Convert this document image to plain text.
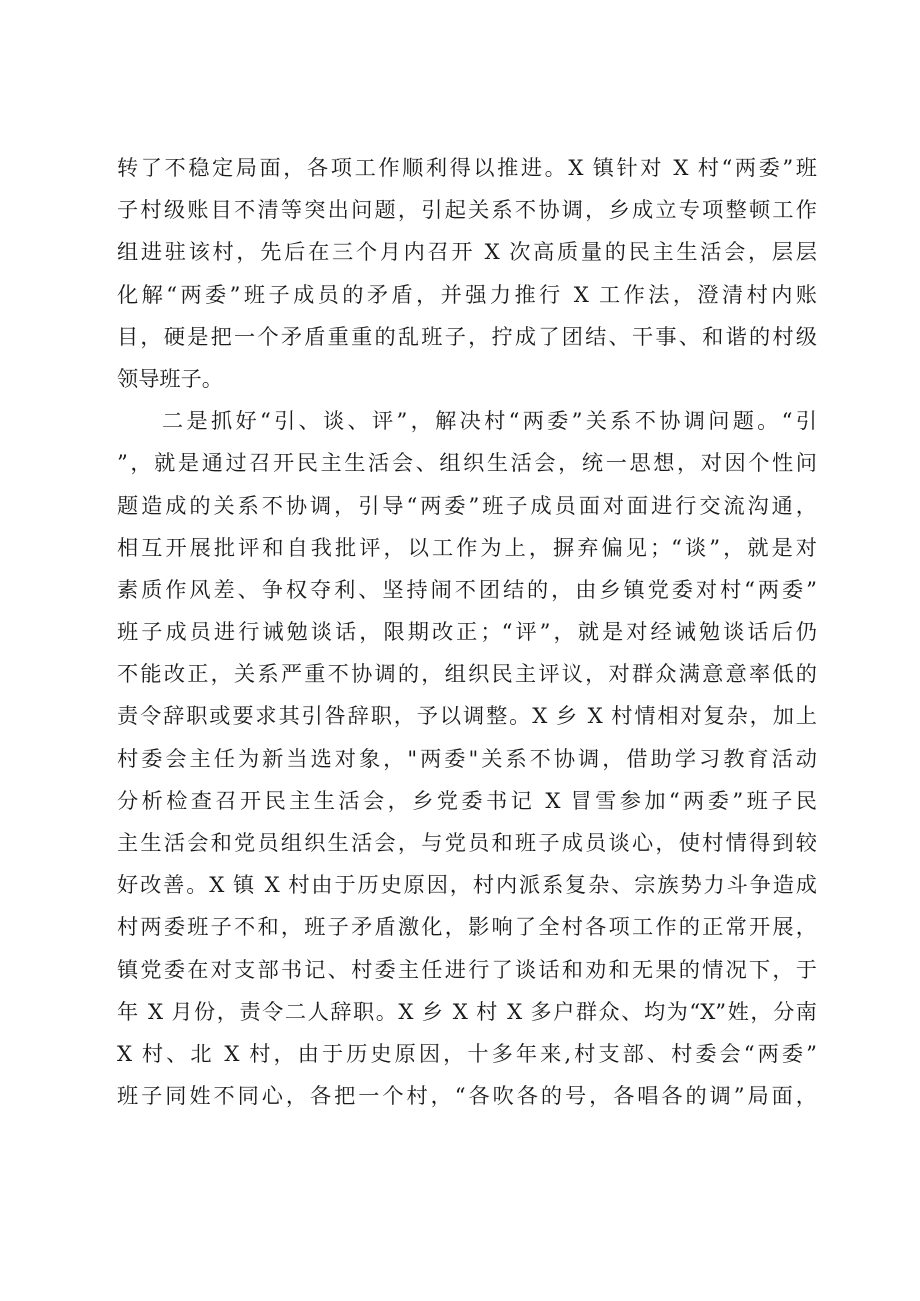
转了不稳定局面，各项工作顺利得以推进。X 镇针对 X 村“两委”班
子村级账目不清等突出问题，引起关系不协调，乡成立专项整顿工作
组进驻该村，先后在三个月内召开 X 次高质量的民主生活会，层层
化解“两委”班子成员的矛盾，并强力推行 X 工作法，澄清村内账
目，硬是把一个矛盾重重的乱班子，拧成了团结、干事、和谐的村级
领导班子。
二是抓好“引、谈、评”，解决村“两委”关系不协调问题。“引
”，就是通过召开民主生活会、组织生活会，统一思想，对因个性问
题造成的关系不协调，引导“两委”班子成员面对面进行交流沟通，
相互开展批评和自我批评，以工作为上，摒弃偏见；“谈”，就是对
素质作风差、争权夺利、坚持闹不团结的，由乡镇党委对村“两委”
班子成员进行诫勉谈话，限期改正；“评”，就是对经诫勉谈话后仍
不能改正，关系严重不协调的，组织民主评议，对群众满意意率低的
责令辞职或要求其引咎辞职，予以调整。X 乡 X 村情相对复杂，加上
村委会主任为新当选对象，"两委"关系不协调，借助学习教育活动
分析检查召开民主生活会，乡党委书记 X 冒雪参加“两委”班子民
主生活会和党员组织生活会，与党员和班子成员谈心，使村情得到较
好改善。X 镇 X 村由于历史原因，村内派系复杂、宗族势力斗争造成
村两委班子不和，班子矛盾激化，影响了全村各项工作的正常开展，
镇党委在对支部书记、村委主任进行了谈话和劝和无果的情况下，于
年 X 月份，责令二人辞职。X 乡 X 村 X 多户群众、均为“X”姓，分南
X 村、北 X 村，由于历史原因，十多年来,村支部、村委会“两委”
班子同姓不同心，各把一个村，“各吹各的号，各唱各的调”局面，
